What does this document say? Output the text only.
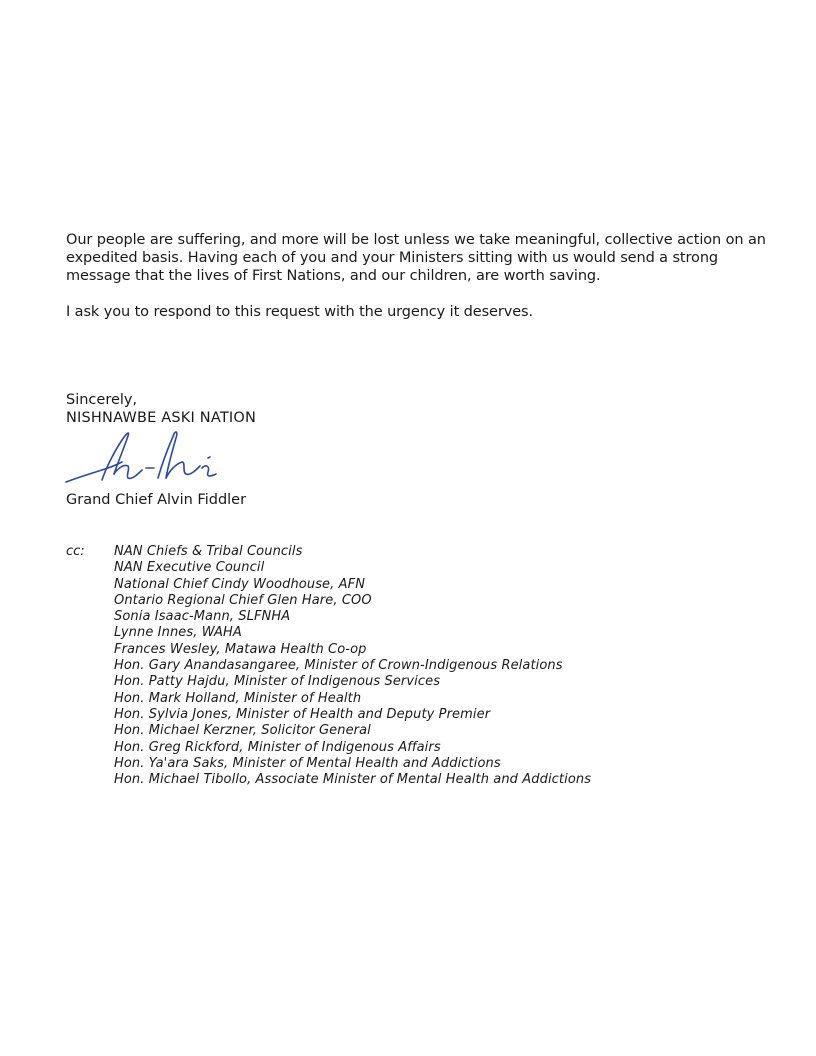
Our people are suffering, and more will be lost unless we take meaningful, collective action on an expedited basis. Having each of you and your Ministers sitting with us would send a strong message that the lives of First Nations, and our children, are worth saving.

I ask you to respond to this request with the urgency it deserves.

Sincerely,
NISHNAWBE ASKI NATION
Grand Chief Alvin Fiddler
cc: NAN Chiefs & Tribal Councils
NAN Executive Council
National Chief Cindy Woodhouse, AFN
Ontario Regional Chief Glen Hare, COO
Sonia Isaac-Mann, SLFNHA
Lynne Innes, WAHA
Frances Wesley, Matawa Health Co-op
Hon. Gary Anandasangaree, Minister of Crown-Indigenous Relations
Hon. Patty Hajdu, Minister of Indigenous Services
Hon. Mark Holland, Minister of Health
Hon. Sylvia Jones, Minister of Health and Deputy Premier
Hon. Michael Kerzner, Solicitor General
Hon. Greg Rickford, Minister of Indigenous Affairs
Hon. Ya'ara Saks, Minister of Mental Health and Addictions
Hon. Michael Tibollo, Associate Minister of Mental Health and Addictions
